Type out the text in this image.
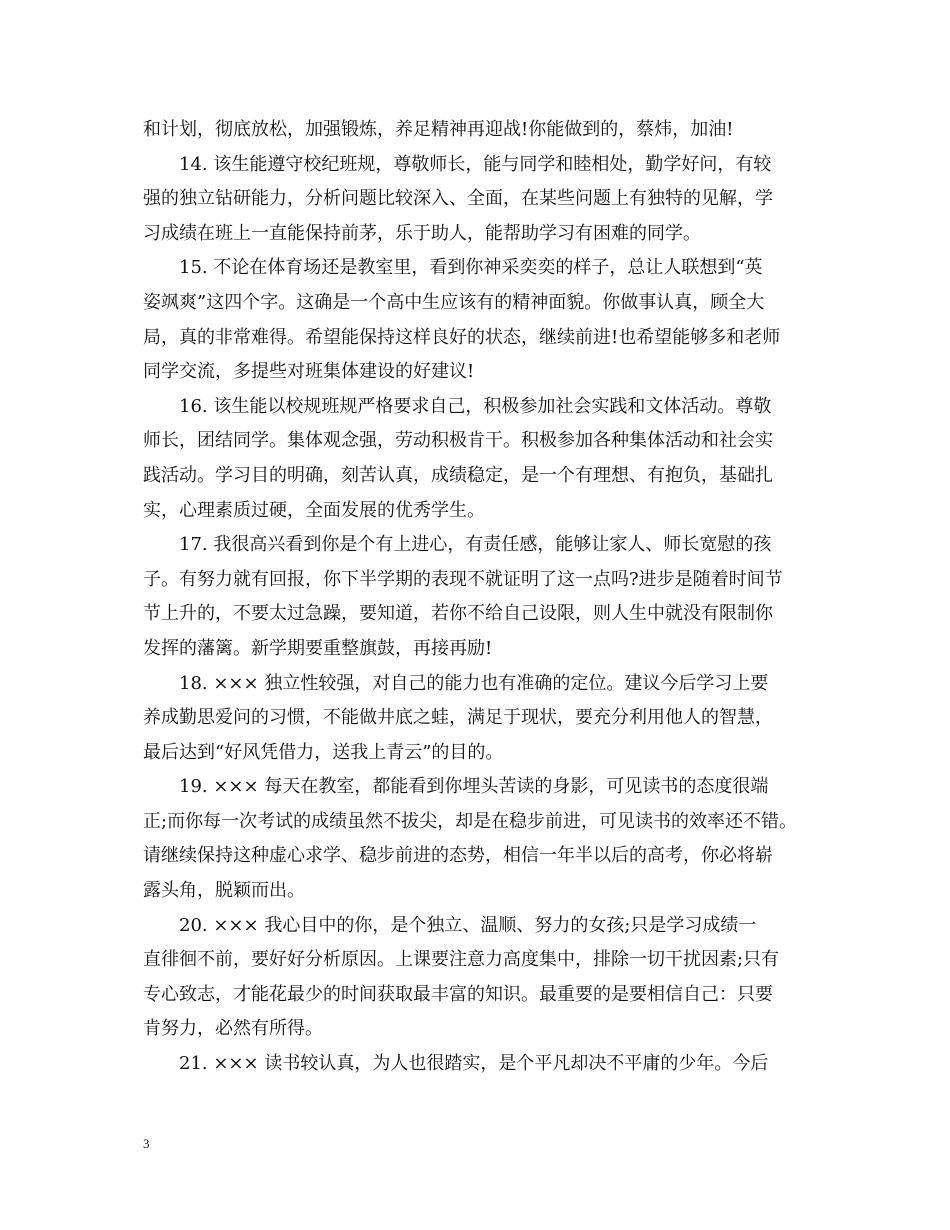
和计划，彻底放松，加强锻炼，养足精神再迎战!你能做到的，蔡炜，加油!
14. 该生能遵守校纪班规，尊敬师长，能与同学和睦相处，勤学好问，有较
强的独立钻研能力，分析问题比较深入、全面，在某些问题上有独特的见解，学
习成绩在班上一直能保持前茅，乐于助人，能帮助学习有困难的同学。
15. 不论在体育场还是教室里，看到你神采奕奕的样子，总让人联想到“英
姿飒爽”这四个字。这确是一个高中生应该有的精神面貌。你做事认真，顾全大
局，真的非常难得。希望能保持这样良好的状态，继续前进!也希望能够多和老师
同学交流，多提些对班集体建设的好建议!
16. 该生能以校规班规严格要求自己，积极参加社会实践和文体活动。尊敬
师长，团结同学。集体观念强，劳动积极肯干。积极参加各种集体活动和社会实
践活动。学习目的明确，刻苦认真，成绩稳定，是一个有理想、有抱负，基础扎
实，心理素质过硬，全面发展的优秀学生。
17. 我很高兴看到你是个有上进心，有责任感，能够让家人、师长宽慰的孩
子。有努力就有回报，你下半学期的表现不就证明了这一点吗?进步是随着时间节
节上升的，不要太过急躁，要知道，若你不给自己设限，则人生中就没有限制你
发挥的藩篱。新学期要重整旗鼓，再接再励!
18. ××× 独立性较强，对自己的能力也有准确的定位。建议今后学习上要
养成勤思爱问的习惯，不能做井底之蛙，满足于现状，要充分利用他人的智慧，
最后达到“好风凭借力，送我上青云”的目的。
19. ××× 每天在教室，都能看到你埋头苦读的身影，可见读书的态度很端
正;而你每一次考试的成绩虽然不拔尖，却是在稳步前进，可见读书的效率还不错。
请继续保持这种虚心求学、稳步前进的态势，相信一年半以后的高考，你必将崭
露头角，脱颖而出。
20. ××× 我心目中的你，是个独立、温顺、努力的女孩;只是学习成绩一
直徘徊不前，要好好分析原因。上课要注意力高度集中，排除一切干扰因素;只有
专心致志，才能花最少的时间获取最丰富的知识。最重要的是要相信自己：只要
肯努力，必然有所得。
21. ××× 读书较认真，为人也很踏实，是个平凡却决不平庸的少年。今后
3
